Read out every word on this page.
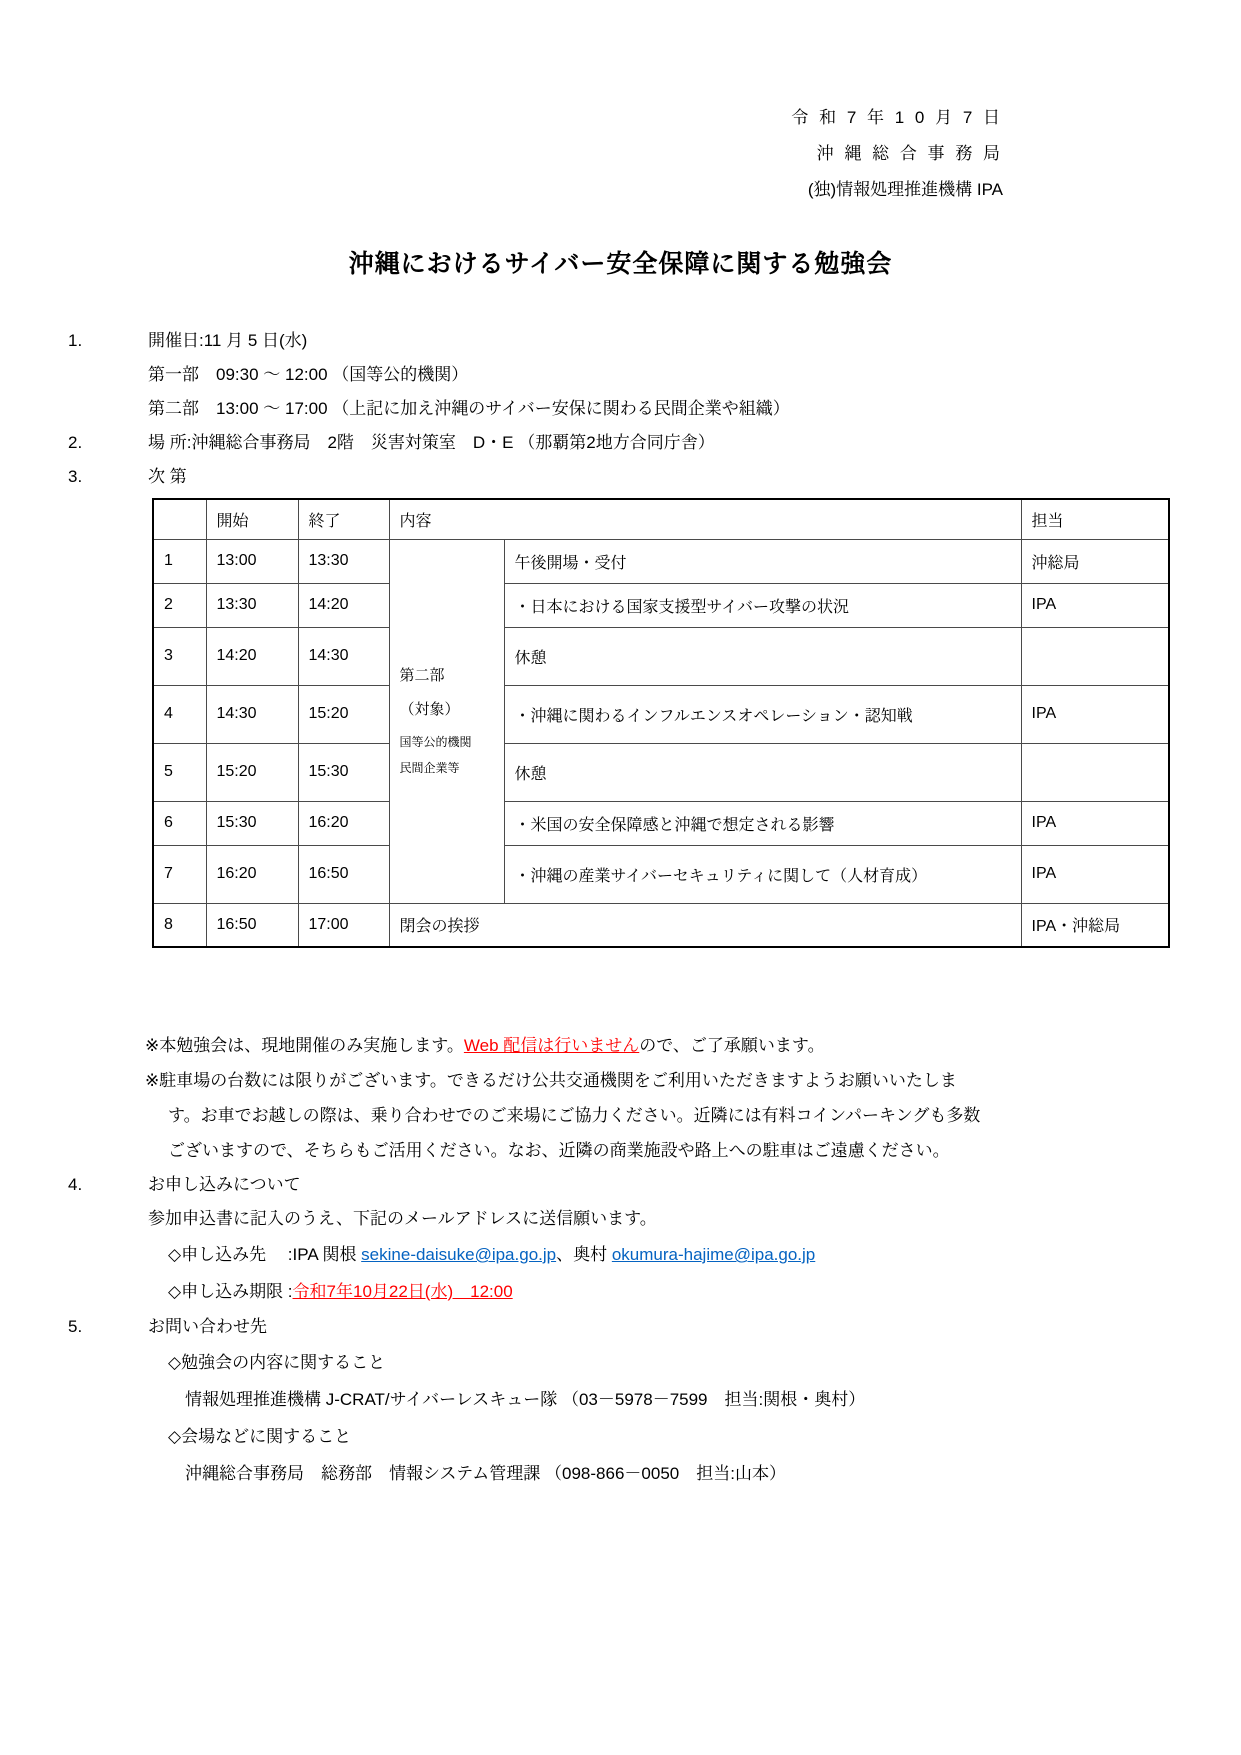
令 和 7 年 1 0 月 7 日
沖 縄 総 合 事 務 局
(独)情報処理推進機構 IPA
沖縄におけるサイバー安全保障に関する勉強会
1.	開催日:11 月 5 日(水)
第一部　09:30 ～ 12:00 （国等公的機関）
第二部　13:00 ～ 17:00 （上記に加え沖縄のサイバー安保に関わる民間企業や組織）
2.	場 所:沖縄総合事務局　2階　災害対策室　D・E （那覇第2地方合同庁舎）
3.	次 第
	開始	終了	内容		担当
1	13:00	13:30	第二部
（対象）
国等公的機関
民間企業等	午後開場・受付	沖総局
2	13:30	14:20		・日本における国家支援型サイバー攻撃の状況	IPA
3	14:20	14:30		休憩	
4	14:30	15:20		・沖縄に関わるインフルエンスオペレーション・認知戦	IPA
5	15:20	15:30		休憩	
6	15:30	16:20		・米国の安全保障感と沖縄で想定される影響	IPA
7	16:20	16:50		・沖縄の産業サイバーセキュリティに関して（人材育成）	IPA
8	16:50	17:00	閉会の挨拶		IPA・沖総局
※本勉強会は、現地開催のみ実施します。Web 配信は行いませんので、ご了承願います。
※駐車場の台数には限りがございます。できるだけ公共交通機関をご利用いただきますようお願いいたしま
す。お車でお越しの際は、乗り合わせでのご来場にご協力ください。近隣には有料コインパーキングも多数
ございますので、そちらもご活用ください。なお、近隣の商業施設や路上への駐車はご遠慮ください。
4.	お申し込みについて
参加申込書に記入のうえ、下記のメールアドレスに送信願います。
◇申し込み先　 :IPA 関根 sekine-daisuke@ipa.go.jp、奥村 okumura-hajime@ipa.go.jp
◇申し込み期限 :令和7年10月22日(水)　12:00
5.	お問い合わせ先
◇勉強会の内容に関すること
情報処理推進機構 J-CRAT/サイバーレスキュー隊 （03－5978－7599　担当:関根・奥村）
◇会場などに関すること
沖縄総合事務局　総務部　情報システム管理課 （098-866－0050　担当:山本）
